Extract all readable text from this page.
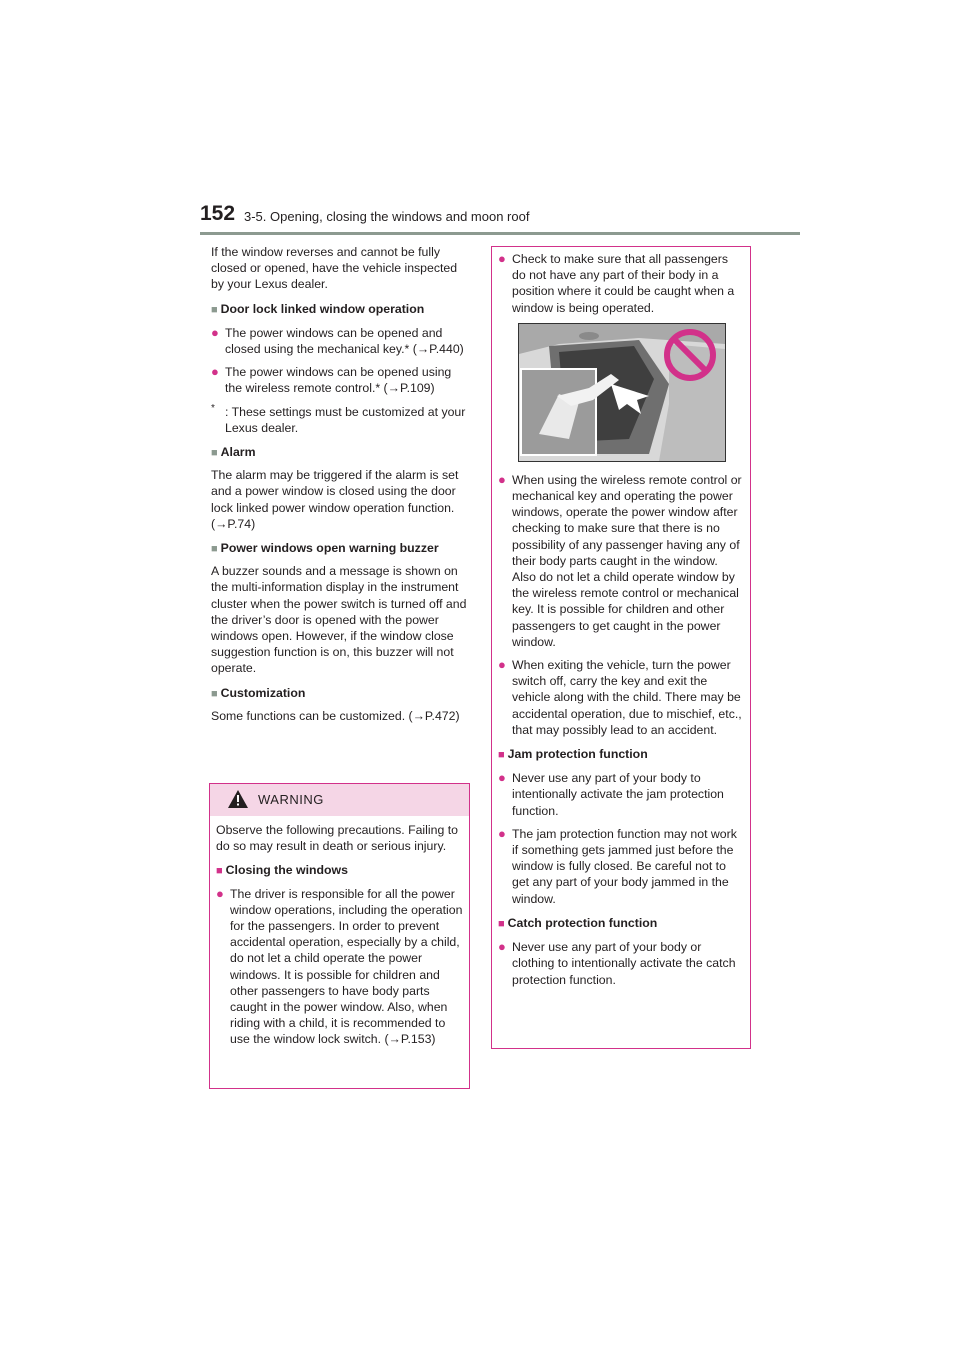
152 3-5. Opening, closing the windows and moon roof

If the window reverses and cannot be fully closed or opened, have the vehicle inspected by your Lexus dealer.

■ Door lock linked window operation

● The power windows can be opened and closed using the mechanical key.* (→P.440)

● The power windows can be opened using the wireless remote control.* (→P.109)

* : These settings must be customized at your Lexus dealer.

■ Alarm

The alarm may be triggered if the alarm is set and a power window is closed using the door lock linked power window operation function. (→P.74)

■ Power windows open warning buzzer

A buzzer sounds and a message is shown on the multi-information display in the instrument cluster when the power switch is turned off and the driver’s door is opened with the power windows open. However, if the window close suggestion function is on, this buzzer will not operate.

■ Customization

Some functions can be customized. (→P.472)

WARNING

Observe the following precautions. Failing to do so may result in death or serious injury.

■ Closing the windows

● The driver is responsible for all the power window operations, including the operation for the passengers. In order to prevent accidental operation, especially by a child, do not let a child operate the power windows. It is possible for children and other passengers to have body parts caught in the power window. Also, when riding with a child, it is recommended to use the window lock switch. (→P.153)

● Check to make sure that all passengers do not have any part of their body in a position where it could be caught when a window is being operated.

● When using the wireless remote control or mechanical key and operating the power windows, operate the power window after checking to make sure that there is no possibility of any passenger having any of their body parts caught in the window. Also do not let a child operate window by the wireless remote control or mechanical key. It is possible for children and other passengers to get caught in the power window.

● When exiting the vehicle, turn the power switch off, carry the key and exit the vehicle along with the child. There may be accidental operation, due to mischief, etc., that may possibly lead to an accident.

■ Jam protection function

● Never use any part of your body to intentionally activate the jam protection function.

● The jam protection function may not work if something gets jammed just before the window is fully closed. Be careful not to get any part of your body jammed in the window.

■ Catch protection function

● Never use any part of your body or clothing to intentionally activate the catch protection function.
